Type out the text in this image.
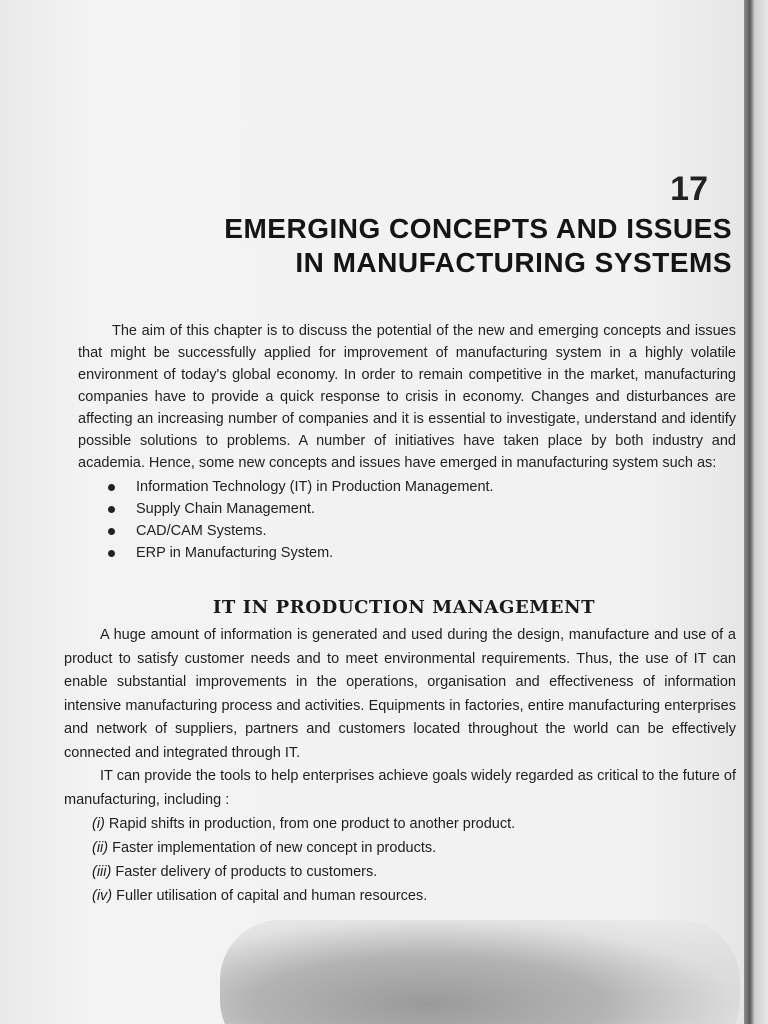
17
EMERGING CONCEPTS AND ISSUES
IN MANUFACTURING SYSTEMS

The aim of this chapter is to discuss the potential of the new and emerging concepts and issues that might be successfully applied for improvement of manufacturing system in a highly volatile environment of today's global economy. In order to remain competitive in the market, manufacturing companies have to provide a quick response to crisis in economy. Changes and disturbances are affecting an increasing number of companies and it is essential to investigate, understand and identify possible solutions to problems. A number of initiatives have taken place by both industry and academia. Hence, some new concepts and issues have emerged in manufacturing system such as:

Information Technology (IT) in Production Management.
Supply Chain Management.
CAD/CAM Systems.
ERP in Manufacturing System.
IT IN PRODUCTION MANAGEMENT

A huge amount of information is generated and used during the design, manufacture and use of a product to satisfy customer needs and to meet environmental requirements. Thus, the use of IT can enable substantial improvements in the operations, organisation and effectiveness of information intensive manufacturing process and activities. Equipments in factories, entire manufacturing enterprises and network of suppliers, partners and customers located throughout the world can be effectively connected and integrated through IT.

IT can provide the tools to help enterprises achieve goals widely regarded as critical to the future of manufacturing, including :

(i) Rapid shifts in production, from one product to another product.
(ii) Faster implementation of new concept in products.
(iii) Faster delivery of products to customers.
(iv) Fuller utilisation of capital and human resources.
